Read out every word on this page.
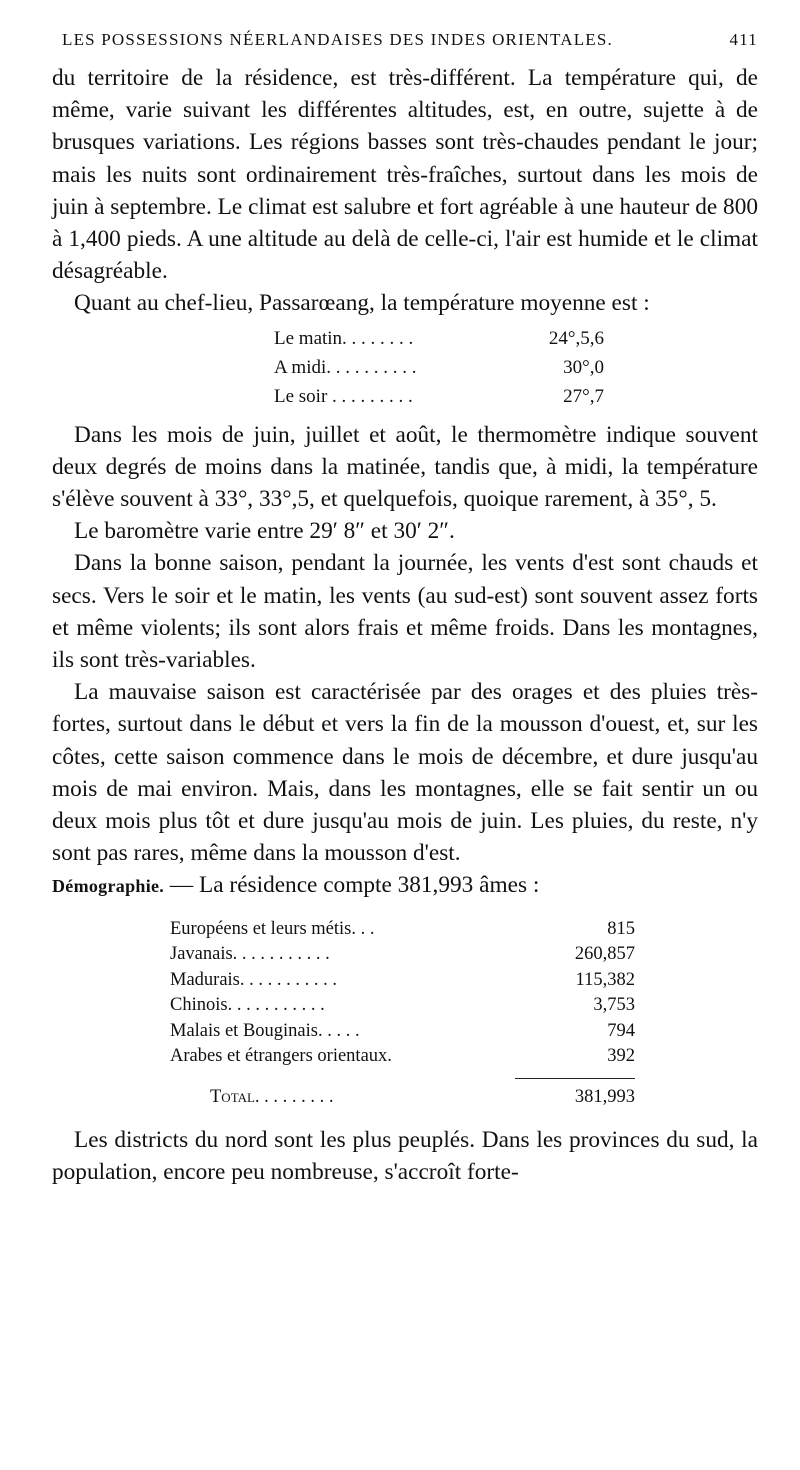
LES POSSESSIONS NÉERLANDAISES DES INDES ORIENTALES.	411

du territoire de la résidence, est très-différent. La température qui, de même, varie suivant les différentes altitudes, est, en outre, sujette à de brusques variations. Les régions basses sont très-chaudes pendant le jour; mais les nuits sont ordinairement très-fraîches, surtout dans les mois de juin à septembre. Le climat est salubre et fort agréable à une hauteur de 800 à 1,400 pieds. A une altitude au delà de celle-ci, l'air est humide et le climat désagréable.

Quant au chef-lieu, Passarœang, la température moyenne est :

Le matin. . . . . . . .	24°,5,6
A midi. . . . . . . . . .	30°,0
Le soir . . . . . . . . .	27°,7

Dans les mois de juin, juillet et août, le thermomètre indique souvent deux degrés de moins dans la matinée, tandis que, à midi, la température s'élève souvent à 33°, 33°,5, et quelquefois, quoique rarement, à 35°, 5.

Le baromètre varie entre 29′ 8″ et 30′ 2″.

Dans la bonne saison, pendant la journée, les vents d'est sont chauds et secs. Vers le soir et le matin, les vents (au sud-est) sont souvent assez forts et même violents; ils sont alors frais et même froids. Dans les montagnes, ils sont très-variables.

La mauvaise saison est caractérisée par des orages et des pluies très-fortes, surtout dans le début et vers la fin de la mousson d'ouest, et, sur les côtes, cette saison commence dans le mois de décembre, et dure jusqu'au mois de mai environ. Mais, dans les montagnes, elle se fait sentir un ou deux mois plus tôt et dure jusqu'au mois de juin. Les pluies, du reste, n'y sont pas rares, même dans la mousson d'est.

Démographie. — La résidence compte 381,993 âmes :

Européens et leurs métis. . .	815
Javanais. . . . . . . . . . .	260,857
Madurais. . . . . . . . . . .	115,382
Chinois. . . . . . . . . . .	3,753
Malais et Bouginais. . . . .	794
Arabes et étrangers orientaux.	392
Total. . . . . . . . .	381,993

Les districts du nord sont les plus peuplés. Dans les provinces du sud, la population, encore peu nombreuse, s'accroît forte-
